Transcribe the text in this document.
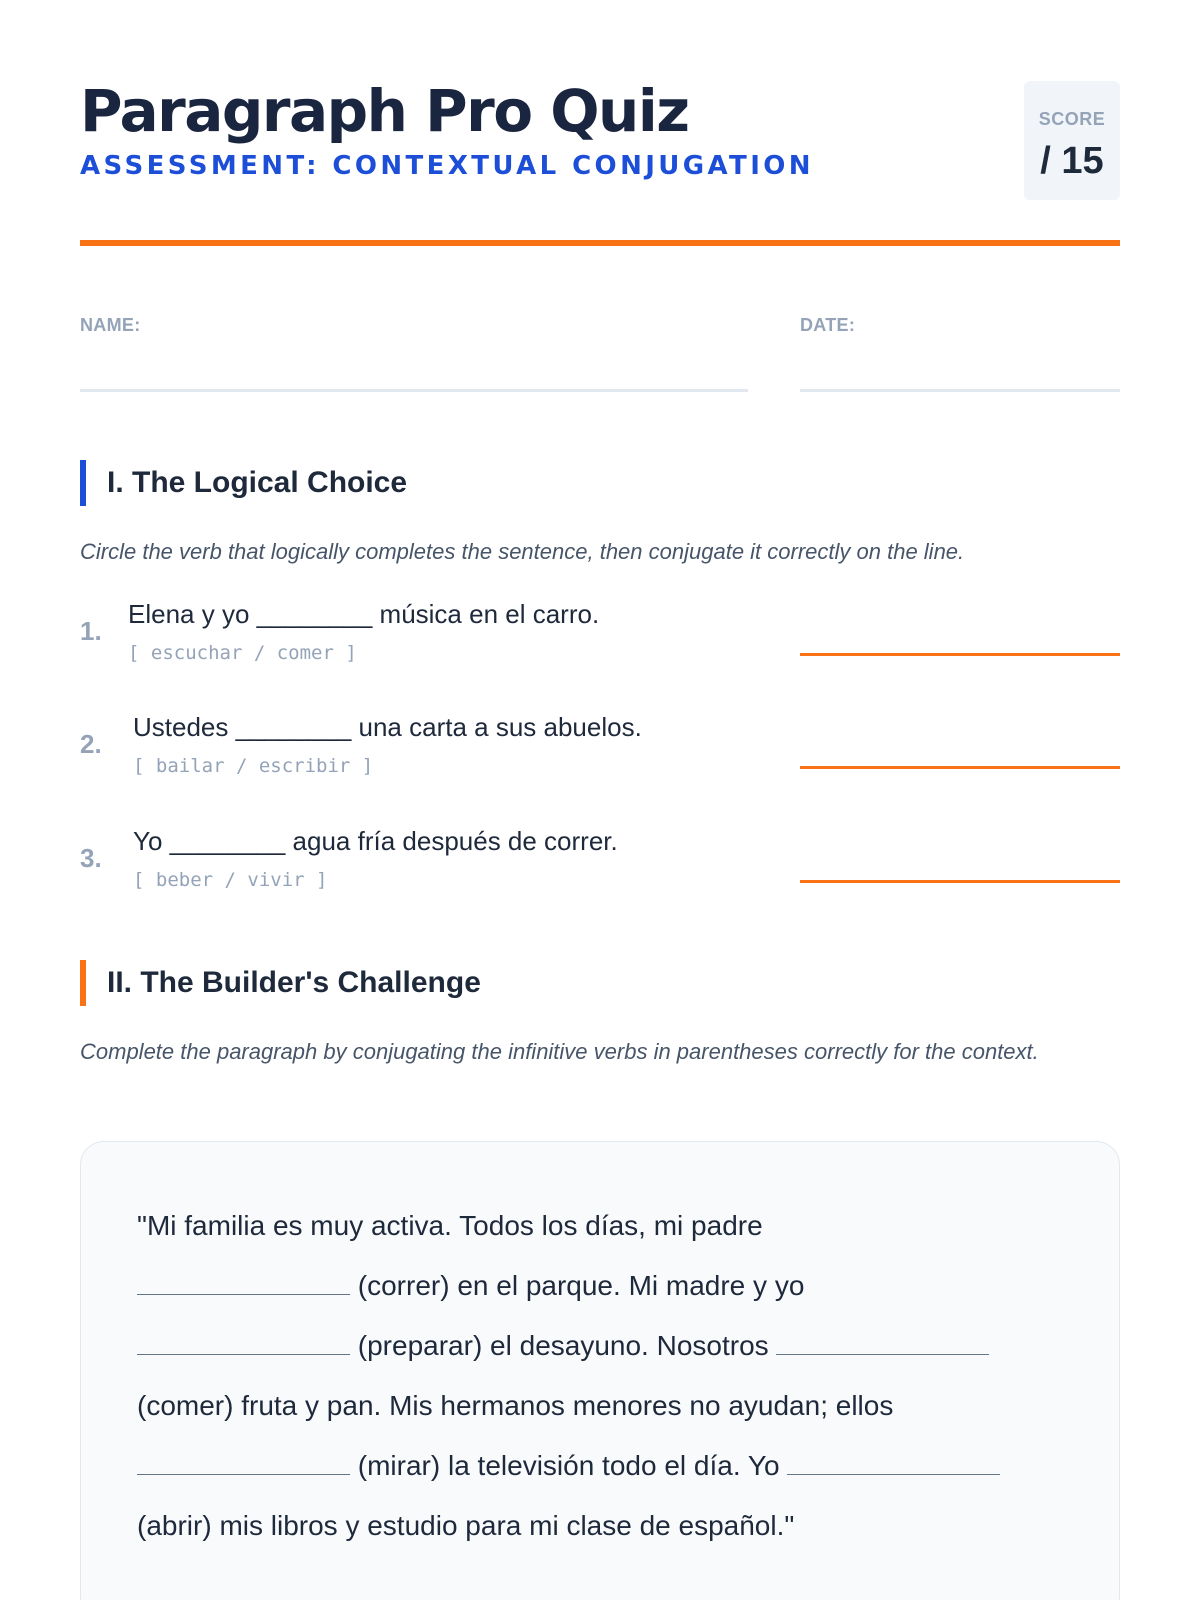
Paragraph Pro Quiz
ASSESSMENT: CONTEXTUAL CONJUGATION
SCORE
/ 15
NAME:	DATE:
I. The Logical Choice

Circle the verb that logically completes the sentence, then conjugate it correctly on the line.

1.
Elena y yo ________ música en el carro.
[ escuchar / comer ]
2.
Ustedes ________ una carta a sus abuelos.
[ bailar / escribir ]
3.
Yo ________ agua fría después de correr.
[ beber / vivir ]
II. The Builder's Challenge

Complete the paragraph by conjugating the infinitive verbs in parentheses correctly for the context.

"Mi familia es muy activa. Todos los días, mi padre
(correr) en el parque. Mi madre y yo
(preparar) el desayuno. Nosotros
(comer) fruta y pan. Mis hermanos menores no ayudan; ellos
(mirar) la televisión todo el día. Yo
(abrir) mis libros y estudio para mi clase de español."
